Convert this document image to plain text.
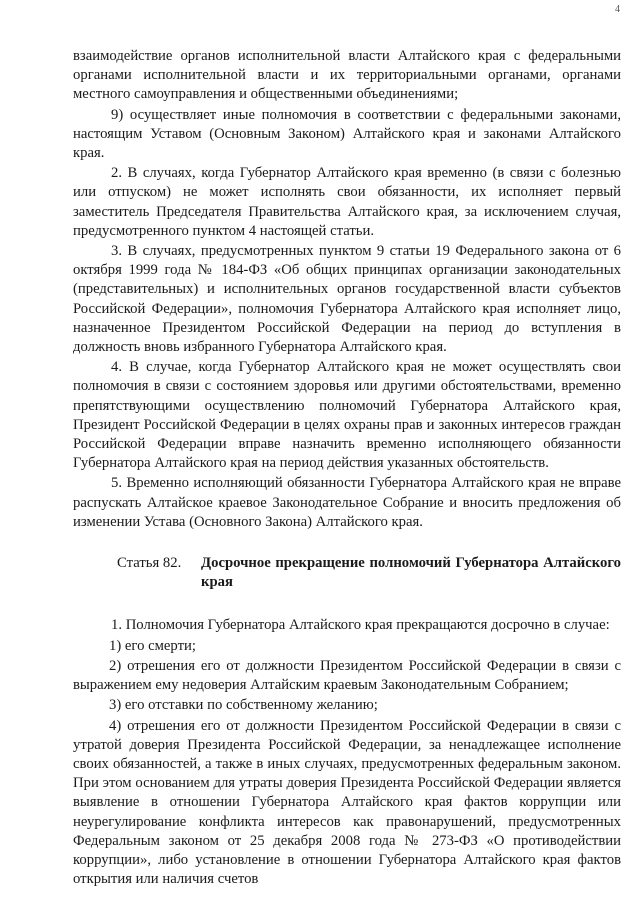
4

взаимодействие органов исполнительной власти Алтайского края с федеральными органами исполнительной власти и их территориальными органами, органами местного самоуправления и общественными объединениями;

9) осуществляет иные полномочия в соответствии с федеральными законами, настоящим Уставом (Основным Законом) Алтайского края и законами Алтайского края.

2. В случаях, когда Губернатор Алтайского края временно (в связи с болезнью или отпуском) не может исполнять свои обязанности, их исполняет первый заместитель Председателя Правительства Алтайского края, за исключением случая, предусмотренного пунктом 4 настоящей статьи.

3. В случаях, предусмотренных пунктом 9 статьи 19 Федерального закона от 6 октября 1999 года № 184-ФЗ «Об общих принципах организации законодательных (представительных) и исполнительных органов государственной власти субъектов Российской Федерации», полномочия Губернатора Алтайского края исполняет лицо, назначенное Президентом Российской Федерации на период до вступления в должность вновь избранного Губернатора Алтайского края.

4. В случае, когда Губернатор Алтайского края не может осуществлять свои полномочия в связи с состоянием здоровья или другими обстоятельствами, временно препятствующими осуществлению полномочий Губернатора Алтайского края, Президент Российской Федерации в целях охраны прав и законных интересов граждан Российской Федерации вправе назначить временно исполняющего обязанности Губернатора Алтайского края на период действия указанных обстоятельств.

5. Временно исполняющий обязанности Губернатора Алтайского края не вправе распускать Алтайское краевое Законодательное Собрание и вносить предложения об изменении Устава (Основного Закона) Алтайского края.

Статья 82.	Досрочное прекращение полномочий Губернатора Алтайского края

1. Полномочия Губернатора Алтайского края прекращаются досрочно в случае:

1) его смерти;

2) отрешения его от должности Президентом Российской Федерации в связи с выражением ему недоверия Алтайским краевым Законодательным Собранием;

3) его отставки по собственному желанию;

4) отрешения его от должности Президентом Российской Федерации в связи с утратой доверия Президента Российской Федерации, за ненадлежащее исполнение своих обязанностей, а также в иных случаях, предусмотренных федеральным законом. При этом основанием для утраты доверия Президента Российской Федерации является выявление в отношении Губернатора Алтайского края фактов коррупции или неурегулирование конфликта интересов как правонарушений, предусмотренных Федеральным законом от 25 декабря 2008 года № 273-ФЗ «О противодействии коррупции», либо установление в отношении Губернатора Алтайского края фактов открытия или наличия счетов
